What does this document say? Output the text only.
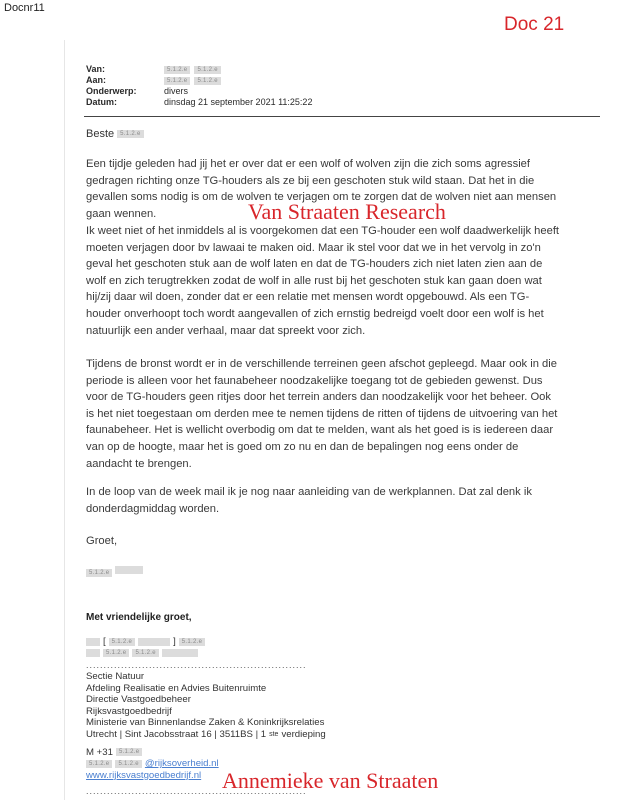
Docnr11
Doc 21
Van:	5.1.2.e	5.1.2.e
Aan:	5.1.2.e	5.1.2.e
Onderwerp:	divers
Datum:	dinsdag 21 september 2021 11:25:22
Beste	5.1.2.e
Een tijdje geleden had jij het er over dat er een wolf of wolven zijn die zich soms agressief gedragen richting onze TG-houders als ze bij een geschoten stuk wild staan. Dat het in die gevallen soms nodig is om de wolven te verjagen om te zorgen dat de wolven niet aan mensen gaan wennen.
Ik weet niet of het inmiddels al is voorgekomen dat een TG-houder een wolf daadwerkelijk heeft moeten verjagen door bv lawaai te maken oid. Maar ik stel voor dat we in het vervolg in zo'n geval het geschoten stuk aan de wolf laten en dat de TG-houders zich niet laten zien aan de wolf en zich terugtrekken zodat de wolf in alle rust bij het geschoten stuk kan gaan doen wat hij/zij daar wil doen, zonder dat er een relatie met mensen wordt opgebouwd. Als een TG-houder onverhoopt toch wordt aangevallen of zich ernstig bedreigd voelt door een wolf is het natuurlijk een ander verhaal, maar dat spreekt voor zich.
Tijdens de bronst wordt er in de verschillende terreinen geen afschot gepleegd. Maar ook in die periode is alleen voor het faunabeheer noodzakelijke toegang tot de gebieden gewenst. Dus voor de TG-houders geen ritjes door het terrein anders dan noodzakelijk voor het beheer. Ook is het niet toegestaan om derden mee te nemen tijdens de ritten of tijdens de uitvoering van het faunabeheer. Het is wellicht overbodig om dat te melden, want als het goed is is iedereen daar van op de hoogte, maar het is goed om zo nu en dan de bepalingen nog eens onder de aandacht te brengen.
In de loop van de week mail ik je nog naar aanleiding van de werkplannen. Dat zal denk ik donderdagmiddag worden.
Groet,
5.1.2.e
Met vriendelijke groet,
[	5.1.2.e	]	5.1.2.e
5.1.2.e	5.1.2.e
...............................................................
Sectie Natuur
Afdeling Realisatie en Advies Buitenruimte
Directie Vastgoedbeheer
Rijksvastgoedbedrijf
Ministerie van Binnenlandse Zaken & Koninkrijksrelaties
Utrecht | Sint Jacobsstraat 16 | 3511BS | 1 ste verdieping
M +31	5.1.2.e
5.1.2.e	5.1.2.e @rijksoverheid.nl
www.rijksvastgoedbedrijf.nl
...............................................................
Van Straaten Research
Annemieke van Straaten
